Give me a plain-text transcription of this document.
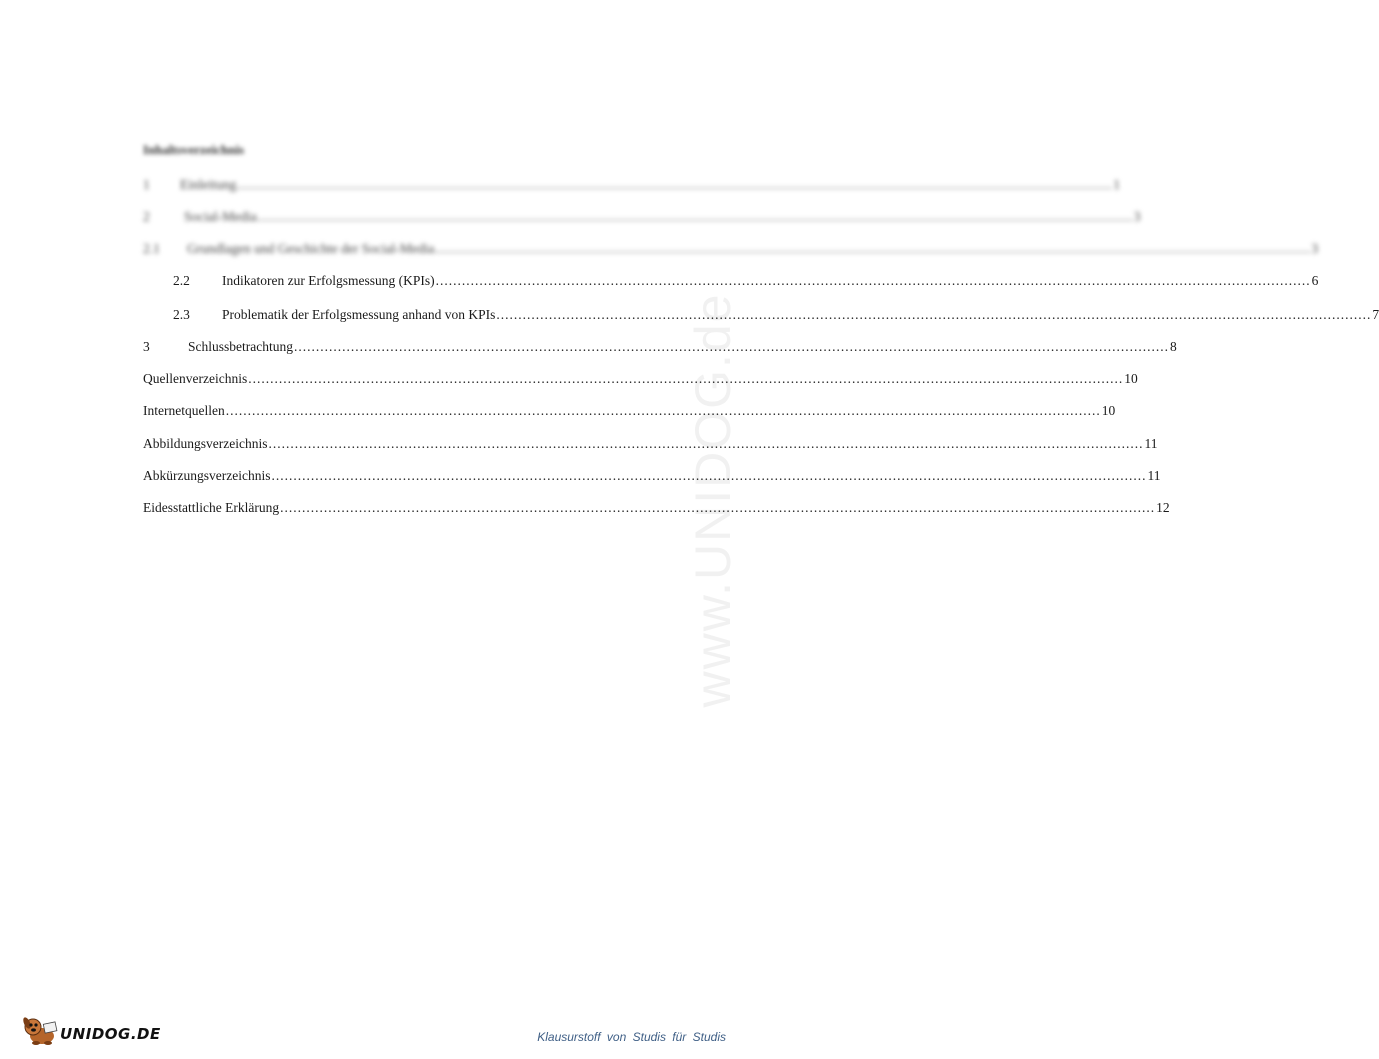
www.UNIDOG.de
Inhaltsverzeichnis
1	Einleitung ........................................................................................................................................................................................................ 1
2	Social-Media ........................................................................................................................................................................................................ 3
2.1	Grundlagen und Geschichte der Social-Media ........................................................................................................................................................................................................ 3
2.2	Indikatoren zur Erfolgsmessung (KPIs) ........................................................................................................................................................................................................ 6
2.3	Problematik der Erfolgsmessung anhand von KPIs ........................................................................................................................................................................................................ 7
3	Schlussbetrachtung ........................................................................................................................................................................................................ 8
Quellenverzeichnis ........................................................................................................................................................................................................ 10
Internetquellen ........................................................................................................................................................................................................ 10
Abbildungsverzeichnis ........................................................................................................................................................................................................ 11
Abkürzungsverzeichnis ........................................................................................................................................................................................................ 11
Eidesstattliche Erklärung ........................................................................................................................................................................................................ 12
UNIDOG.DE	Klausurstoff von Studis für Studis
